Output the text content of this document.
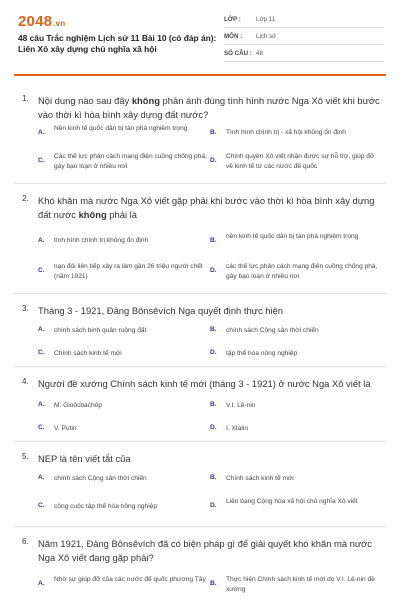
2048.vn
48 câu Trắc nghiệm Lịch sử 11 Bài 10 (có đáp án): Liên Xô xây dựng chủ nghĩa xã hội
LỚP : Lớp 11
MÔN : Lịch sử
SỐ CÂU : 48
1. Nội dung nào sau đây không phản ánh đúng tình hình nước Nga Xô viết khi bước vào thời kì hòa bình xây dựng đất nước?
A.
Nền kinh tế quốc dân bị tàn phá nghiêm trọng
B. Tình hình chính trị - xã hội không ổn định
C.
Các thế lực phản cách mạng điên cuồng chống phá, gây bạo loạn ở nhiều nơi
D.
Chính quyền Xô viết nhận được sự hỗ trợ, giúp đỡ về kinh tế từ các nước đế quốc
2. Khó khăn mà nước Nga Xô viết gặp phải khi bước vào thời kì hòa bình xây dựng đất nước không phải là
A. tình hình chính trị không ổn định	B.
nền kinh tế quốc dân bị tàn phá nghiêm trọng
C.
nạn đói liên tiếp xảy ra làm gần 26 triệu người chết (năm 1921)
D.
các thế lực phản cách mạng điên cuồng chống phá, gây bạo loạn ở nhiều nơi
3. Tháng 3 - 1921, Đảng Bônsêvích Nga quyết định thực hiện
A. chính sách binh quân ruộng đất	B. chính sách Cộng sản thời chiến
C. Chính sách kinh tế mới	D. tập thể hóa nông nghiệp
4. Người đề xướng Chính sách kinh tế mới (tháng 3 - 1921) ở nước Nga Xô viết là
A. M. Gioócbachốp	B. V.I. Lê-nin
C. V. Putin	D. I. Xtalin
5. NEP là tên viết tắt của
A. chính sách Cộng sản thời chiến	B. Chính sách kinh tế mới
C. công cuộc tập thể hóa nông nghiệp	D.
Liên bang Cộng hòa xã hội chủ nghĩa Xô viết
6. Năm 1921, Đảng Bônsêvích đã có biện pháp gì để giải quyết khó khăn mà nước Nga Xô viết đang gặp phải?
A.
Nhờ sự giúp đỡ của các nước đế quốc phương Tây
B.
Thực hiện Chính sách kinh tế mới do V.I. Lê-nin đề xướng
